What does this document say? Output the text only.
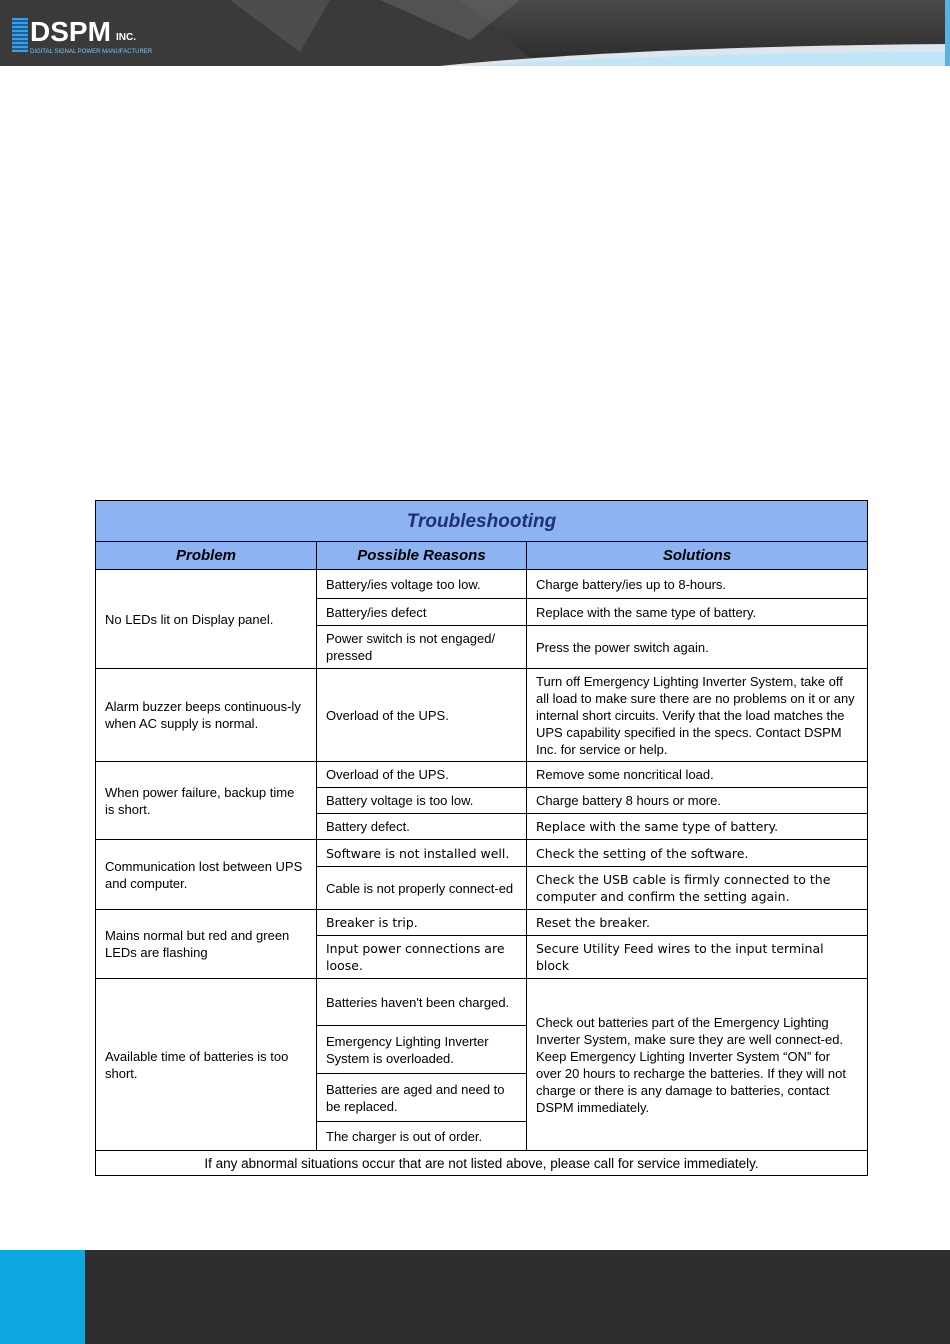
DSPM INC.
DIGITAL SIGNAL POWER MANUFACTURER
Troubleshooting		
Problem	Possible Reasons	Solutions
No LEDs lit on Display panel.	Battery/ies voltage too low.	Charge battery/ies up to 8-hours.
	Battery/ies defect	Replace with the same type of battery.
	Power switch is not engaged/ pressed	Press the power switch again.
Alarm buzzer beeps continuous-ly when AC supply is normal.	Overload of the UPS.	Turn off Emergency Lighting Inverter System, take off all load to make sure there are no problems on it or any internal short circuits. Verify that the load matches the UPS capability specified in the specs. Contact DSPM Inc. for service or help.
When power failure, backup time is short.	Overload of the UPS.	Remove some noncritical load.
	Battery voltage is too low.	Charge battery 8 hours or more.
	Battery defect.	Replace with the same type of battery.
Communication lost between UPS and computer.	Software is not installed well.	Check the setting of the software.
	Cable is not properly connect-ed	Check the USB cable is firmly connected to the computer and confirm the setting again.
Mains normal but red and green LEDs are flashing	Breaker is trip.	Reset the breaker.
	Input power connections are loose.	Secure Utility Feed wires to the input terminal block
Available time of batteries is too short.	Batteries haven't been charged.	Check out batteries part of the Emergency Lighting Inverter System, make sure they are well connect-ed. Keep Emergency Lighting Inverter System “ON” for over 20 hours to recharge the batteries. If they will not charge or there is any damage to batteries, contact DSPM immediately.
	Emergency Lighting Inverter System is overloaded.	
	Batteries are aged and need to be replaced.	
	The charger is out of order.	
If any abnormal situations occur that are not listed above, please call for service immediately.		
